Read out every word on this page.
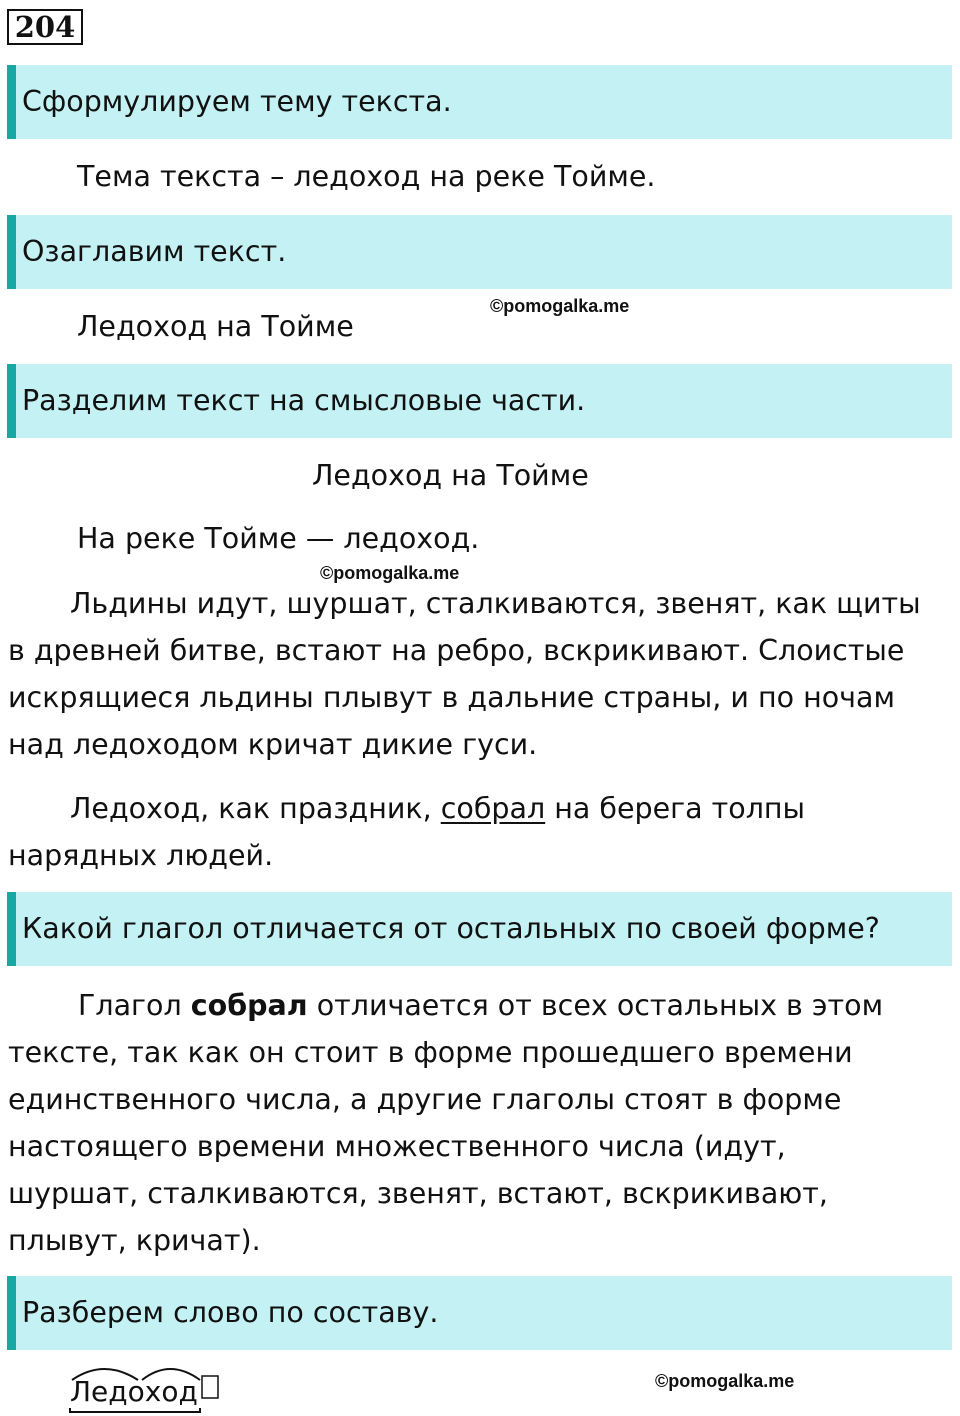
204
Сформулируем тему текста.
Тема текста – ледоход на реке Тойме.
Озаглавим текст.
Ледоход на Тойме
©pomogalka.me
Разделим текст на смысловые части.
Ледоход на Тойме
На реке Тойме — ледоход.
©pomogalka.me
Льдины идут, шуршат, сталкиваются, звенят, как щиты
в древней битве, встают на ребро, вскрикивают. Слоистые
искрящиеся льдины плывут в дальние страны, и по ночам
над ледоходом кричат дикие гуси.
Ледоход, как праздник, собрал на берега толпы
нарядных людей.
Какой глагол отличается от остальных по своей форме?
Глагол собрал отличается от всех остальных в этом
тексте, так как он стоит в форме прошедшего времени
единственного числа, а другие глаголы стоят в форме
настоящего времени множественного числа (идут,
шуршат, сталкиваются, звенят, встают, вскрикивают,
плывут, кричат).
Разберем слово по составу.
Ледоход	©pomogalka.me
